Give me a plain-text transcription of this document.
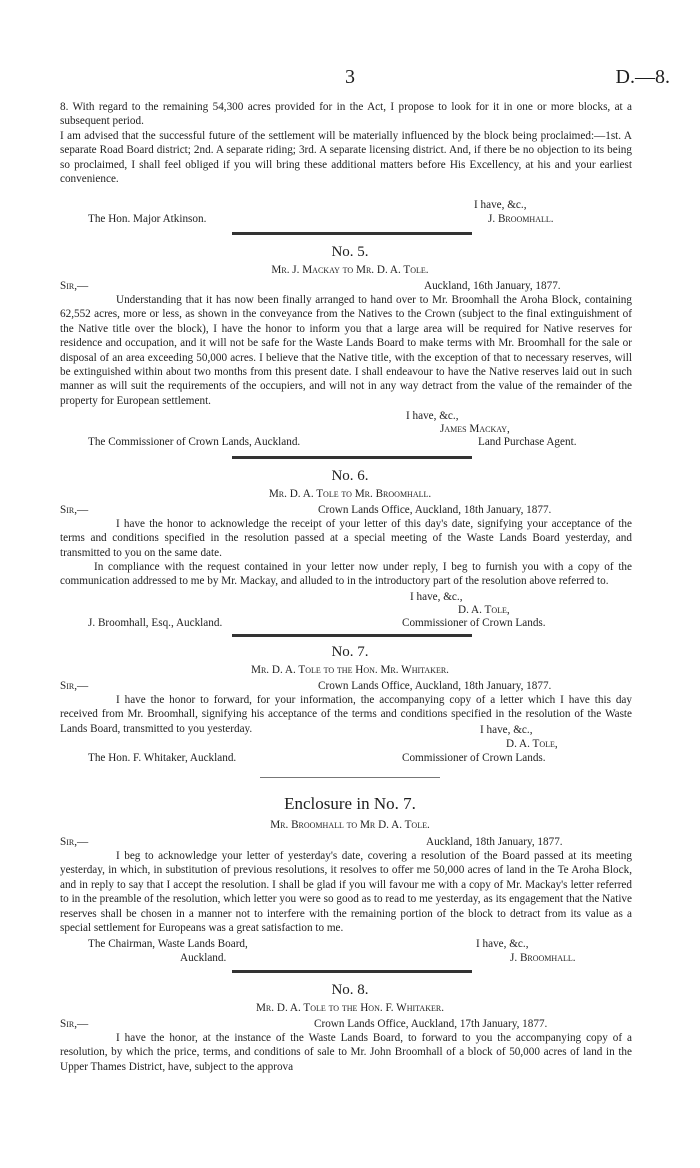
3	D.—8.
8. With regard to the remaining 54,300 acres provided for in the Act, I propose to look for it in one or more blocks, at a subsequent period.
I am advised that the successful future of the settlement will be materially influenced by the block being proclaimed:—1st. A separate Road Board district; 2nd. A separate riding; 3rd. A separate licensing district. And, if there be no objection to its being so proclaimed, I shall feel obliged if you will bring these additional matters before His Excellency, at his and your earliest convenience.
I have, &c.,
The Hon. Major Atkinson.	J. Broomhall.
No. 5.
Mr. J. Mackay to Mr. D. A. Tole.
Sir,—	Auckland, 16th January, 1877.
Understanding that it has now been finally arranged to hand over to Mr. Broomhall the Aroha Block, containing 62,552 acres, more or less, as shown in the conveyance from the Natives to the Crown (subject to the final extinguishment of the Native title over the block), I have the honor to inform you that a large area will be required for Native reserves for residence and occupation, and it will not be safe for the Waste Lands Board to make terms with Mr. Broomhall for the sale or disposal of an area exceeding 50,000 acres. I believe that the Native title, with the exception of that to necessary reserves, will be extinguished within about two months from this present date. I shall endeavour to have the Native reserves laid out in such manner as will suit the requirements of the occupiers, and will not in any way detract from the value of the remainder of the property for European settlement.
I have, &c.,
James Mackay,
The Commissioner of Crown Lands, Auckland.	Land Purchase Agent.
No. 6.
Mr. D. A. Tole to Mr. Broomhall.
Sir,—	Crown Lands Office, Auckland, 18th January, 1877.
I have the honor to acknowledge the receipt of your letter of this day's date, signifying your acceptance of the terms and conditions specified in the resolution passed at a special meeting of the Waste Lands Board yesterday, and transmitted to you on the same date.
In compliance with the request contained in your letter now under reply, I beg to furnish you with a copy of the communication addressed to me by Mr. Mackay, and alluded to in the introductory part of the resolution above referred to.
I have, &c.,
D. A. Tole,
J. Broomhall, Esq., Auckland.	Commissioner of Crown Lands.
No. 7.
Mr. D. A. Tole to the Hon. Mr. Whitaker.
Sir,—	Crown Lands Office, Auckland, 18th January, 1877.
I have the honor to forward, for your information, the accompanying copy of a letter which I have this day received from Mr. Broomhall, signifying his acceptance of the terms and conditions specified in the resolution of the Waste Lands Board, transmitted to you yesterday.	I have, &c.,
D. A. Tole,
The Hon. F. Whitaker, Auckland.	Commissioner of Crown Lands.
Enclosure in No. 7.
Mr. Broomhall to Mr D. A. Tole.
Sir,—	Auckland, 18th January, 1877.
I beg to acknowledge your letter of yesterday's date, covering a resolution of the Board passed at its meeting yesterday, in which, in substitution of previous resolutions, it resolves to offer me 50,000 acres of land in the Te Aroha Block, and in reply to say that I accept the resolution. I shall be glad if you will favour me with a copy of Mr. Mackay's letter referred to in the preamble of the resolution, which letter you were so good as to read to me yesterday, as its engagement that the Native reserves shall be chosen in a manner not to interfere with the remaining portion of the block to detract from its value as a special settlement for Europeans was a great satisfaction to me.
The Chairman, Waste Lands Board,	I have, &c.,
Auckland.	J. Broomhall.
No. 8.
Mr. D. A. Tole to the Hon. F. Whitaker.
Sir,—	Crown Lands Office, Auckland, 17th January, 1877.
I have the honor, at the instance of the Waste Lands Board, to forward to you the accompanying copy of a resolution, by which the price, terms, and conditions of sale to Mr. John Broomhall of a block of 50,000 acres of land in the Upper Thames District, have, subject to the approva
